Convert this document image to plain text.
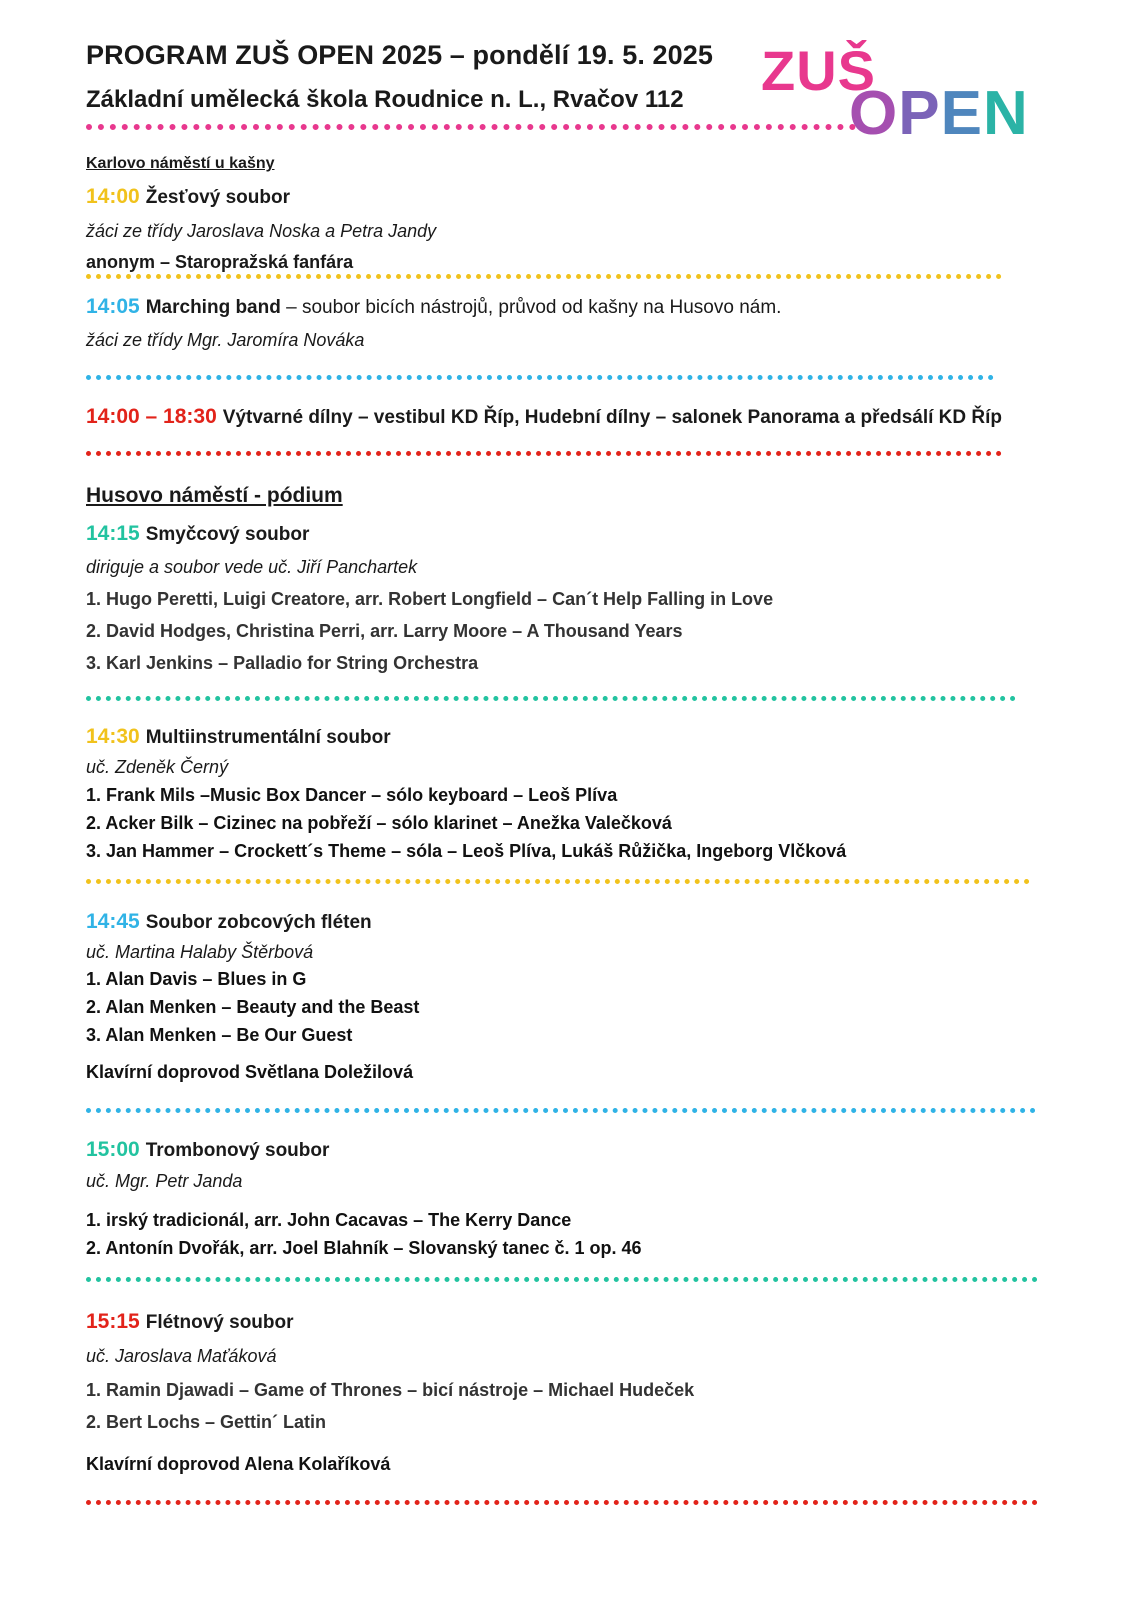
PROGRAM ZUŠ OPEN 2025 – pondělí 19. 5. 2025
Základní umělecká škola Roudnice n. L., Rvačov 112 ZUŠ
OPEN
Karlovo náměstí u kašny
14:00 Žesťový soubor
žáci ze třídy Jaroslava Noska a Petra Jandy
anonym – Staropražská fanfára
14:05 Marching band – soubor bicích nástrojů, průvod od kašny na Husovo nám.
žáci ze třídy Mgr. Jaromíra Nováka
14:00 – 18:30 Výtvarné dílny – vestibul KD Říp, Hudební dílny – salonek Panorama a předsálí KD Říp
Husovo náměstí - pódium
14:15 Smyčcový soubor
diriguje a soubor vede uč. Jiří Panchartek
1. Hugo Peretti, Luigi Creatore, arr. Robert Longfield – Can´t Help Falling in Love
2. David Hodges, Christina Perri, arr. Larry Moore – A Thousand Years
3. Karl Jenkins – Palladio for String Orchestra
14:30 Multiinstrumentální soubor
uč. Zdeněk Černý
1. Frank Mils –Music Box Dancer – sólo keyboard – Leoš Plíva
2. Acker Bilk – Cizinec na pobřeží – sólo klarinet – Anežka Valečková
3. Jan Hammer – Crockett´s Theme – sóla – Leoš Plíva, Lukáš Růžička, Ingeborg Vlčková
14:45 Soubor zobcových fléten
uč. Martina Halaby Štěrbová
1. Alan Davis – Blues in G
2. Alan Menken – Beauty and the Beast
3. Alan Menken – Be Our Guest
Klavírní doprovod Světlana Doležilová
15:00 Trombonový soubor
uč. Mgr. Petr Janda
1. irský tradicionál, arr. John Cacavas – The Kerry Dance
2. Antonín Dvořák, arr. Joel Blahník – Slovanský tanec č. 1 op. 46
15:15 Flétnový soubor
uč. Jaroslava Maťáková
1. Ramin Djawadi – Game of Thrones – bicí nástroje – Michael Hudeček
2. Bert Lochs – Gettin´ Latin
Klavírní doprovod Alena Kolaříková
